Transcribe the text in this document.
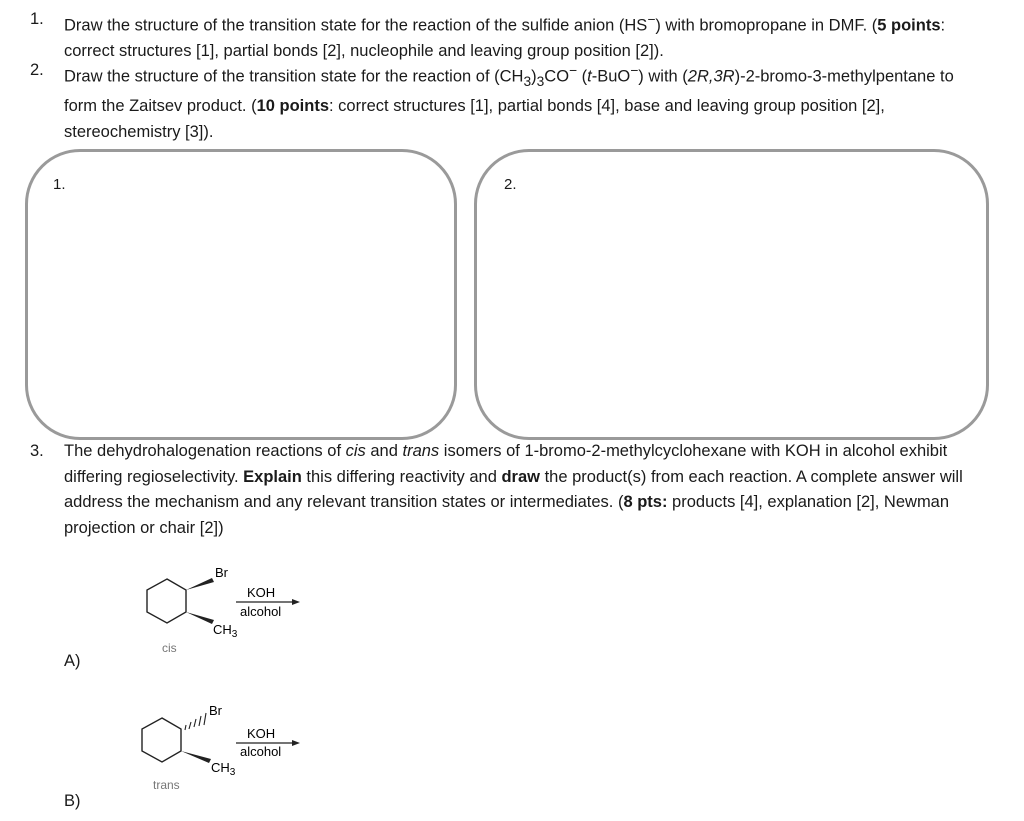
1. Draw the structure of the transition state for the reaction of the sulfide anion (HS−) with bromopropane in DMF. (5 points: correct structures [1], partial bonds [2], nucleophile and leaving group position [2]).
2. Draw the structure of the transition state for the reaction of $(CH_3)_3CO^-$ (t-BuO−) with (2R,3R)-2-bromo-3-methylpentane to form the Zaitsev product. (10 points: correct structures [1], partial bonds [4], base and leaving group position [2], stereochemistry [3]).
1.	2.
3. The dehydrohalogenation reactions of cis and trans isomers of 1-bromo-2-methylcyclohexane with KOH in alcohol exhibit differing regioselectivity. Explain this differing reactivity and draw the product(s) from each reaction. A complete answer will address the mechanism and any relevant transition states or intermediates. (8 pts: products [4], explanation [2], Newman projection or chair [2])
Br
$CH_3$
KOH
alcohol
cis
Br
$CH_3$
KOH
alcohol
trans
A)
B)
